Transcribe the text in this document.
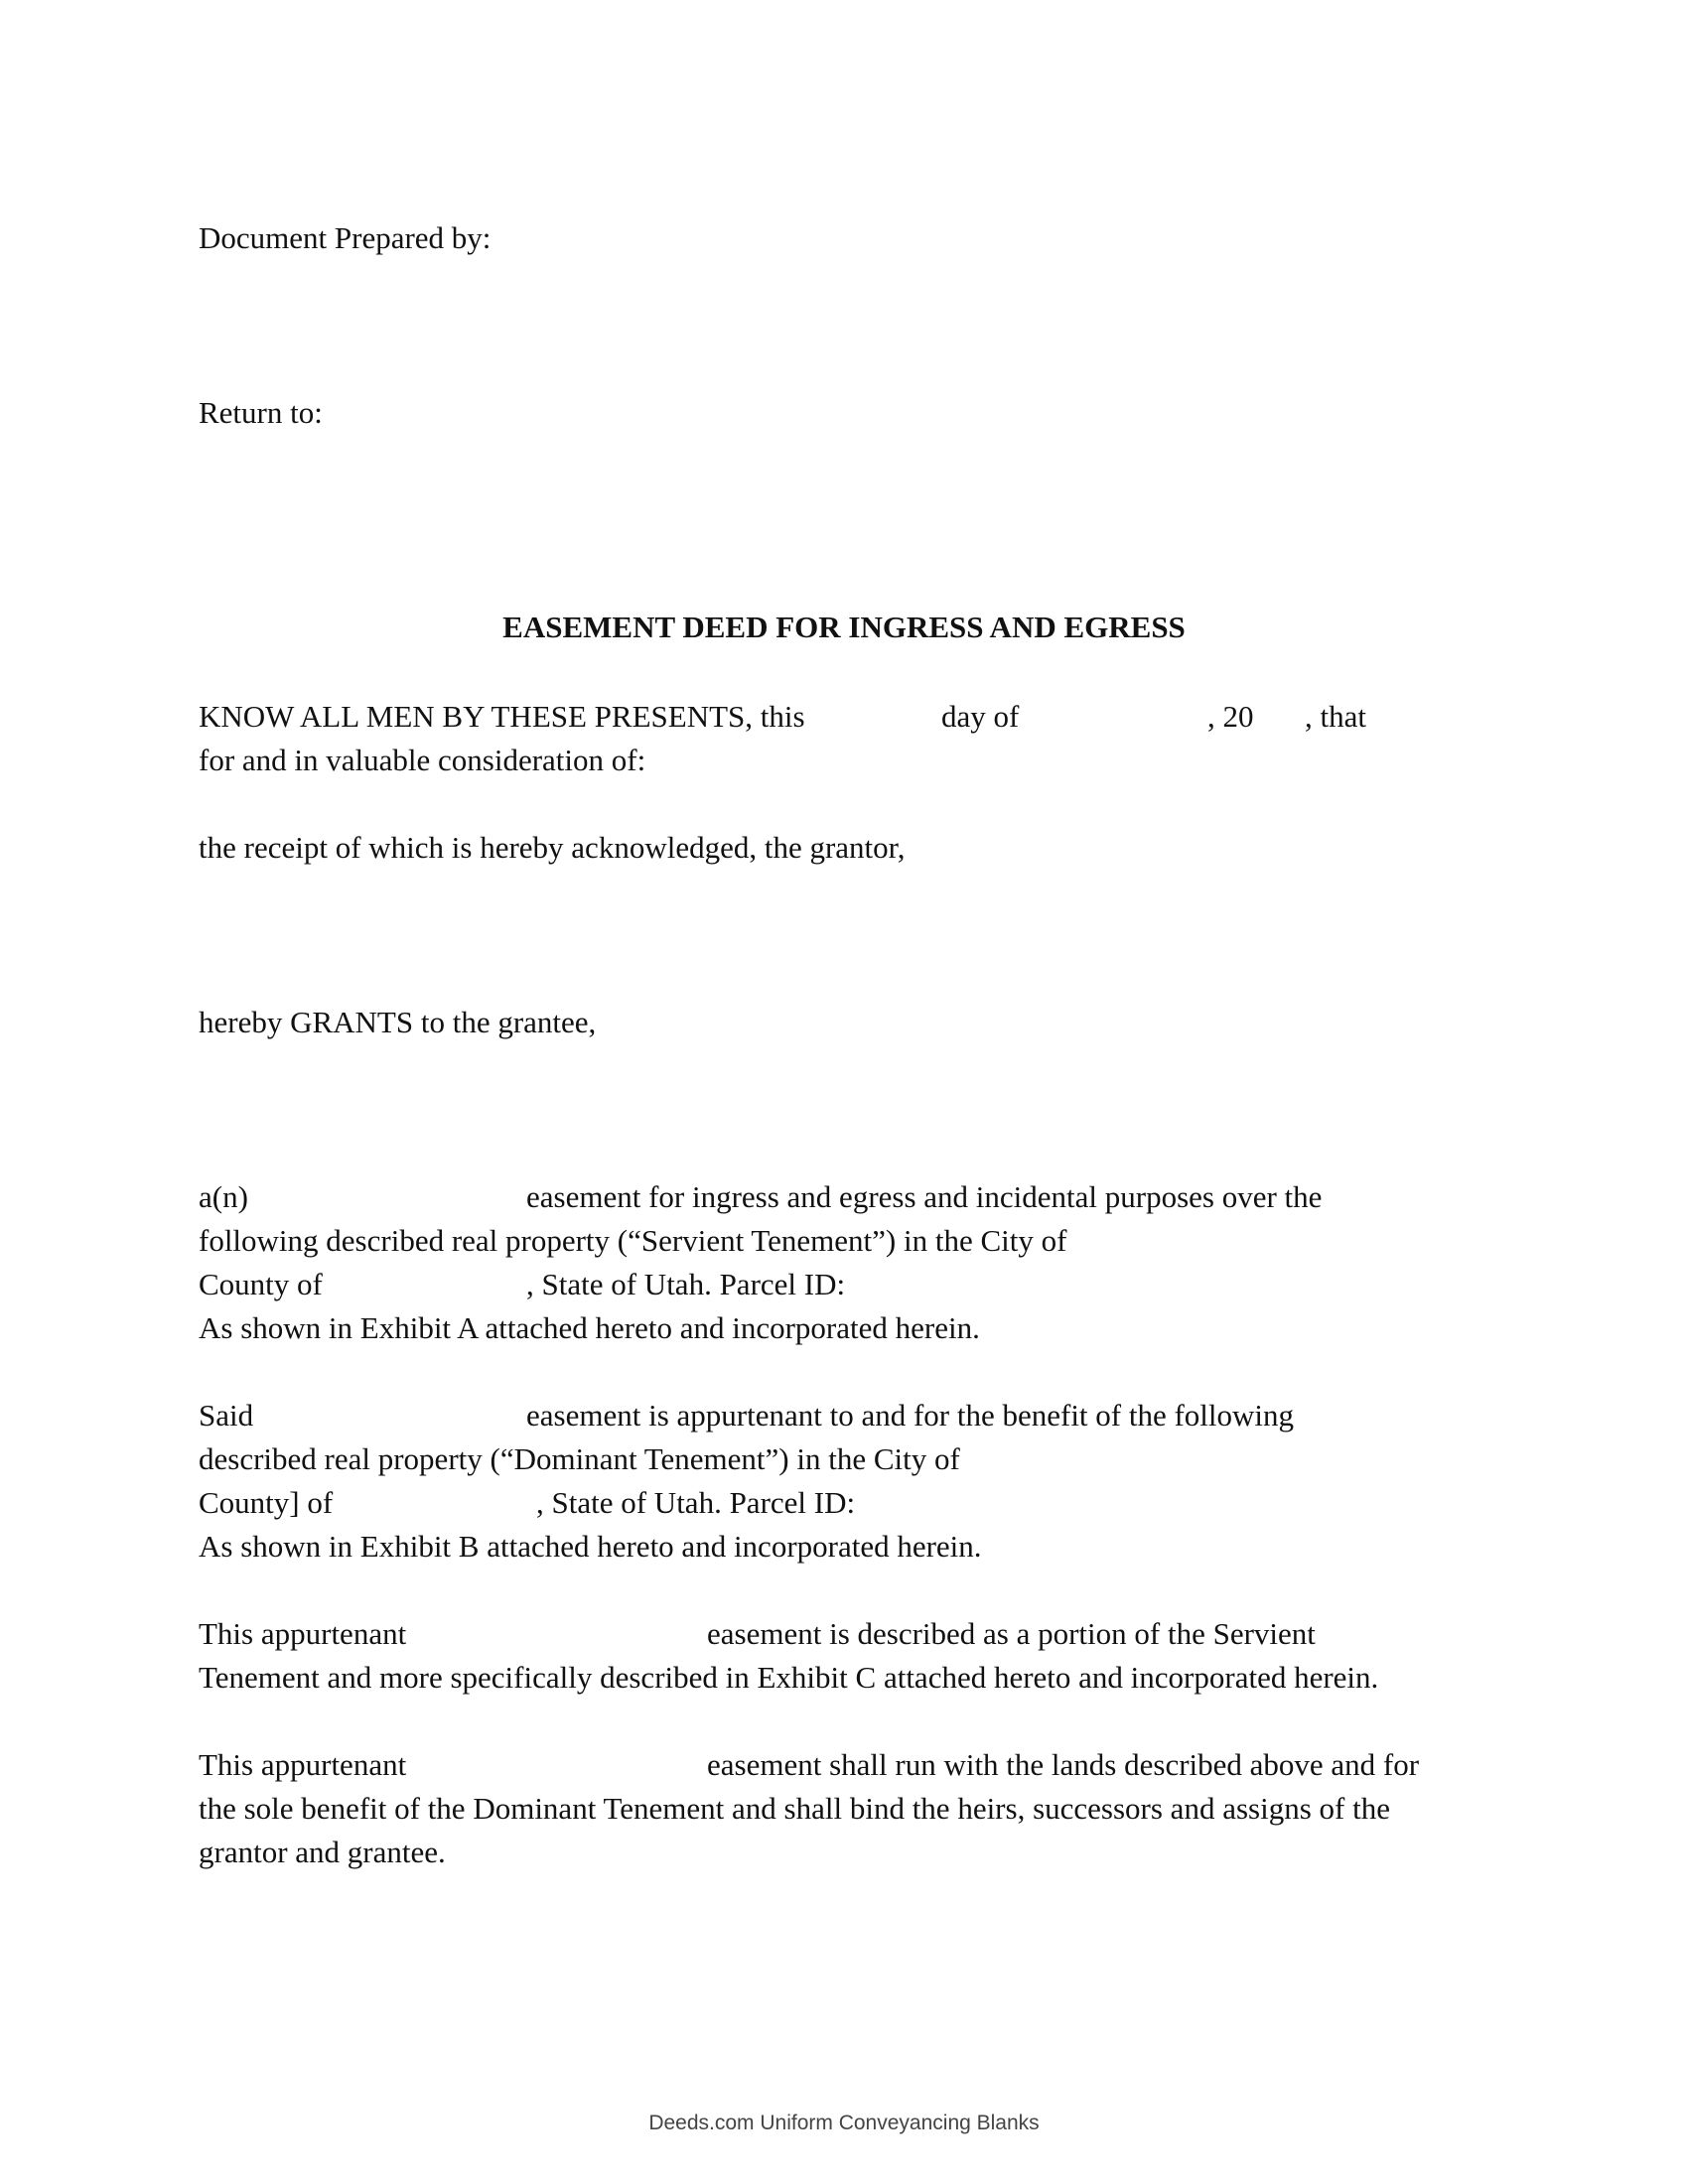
Document Prepared by:

Return to:

EASEMENT DEED FOR INGRESS AND EGRESS

KNOW ALL MEN BY THESE PRESENTS, this	day of	, 20 , that

for and in valuable consideration of:

the receipt of which is hereby acknowledged, the grantor,

hereby GRANTS to the grantee,

a(n)	easement for ingress and egress and incidental purposes over the

following described real property (“Servient Tenement”) in the City of

County of	, State of Utah. Parcel ID:

As shown in Exhibit A attached hereto and incorporated herein.

Said	easement is appurtenant to and for the benefit of the following

described real property (“Dominant Tenement”) in the City of

County] of	, State of Utah. Parcel ID:

As shown in Exhibit B attached hereto and incorporated herein.

This appurtenant	easement is described as a portion of the Servient

Tenement and more specifically described in Exhibit C attached hereto and incorporated herein.

This appurtenant	easement shall run with the lands described above and for

the sole benefit of the Dominant Tenement and shall bind the heirs, successors and assigns of the

grantor and grantee.

Deeds.com Uniform Conveyancing Blanks
